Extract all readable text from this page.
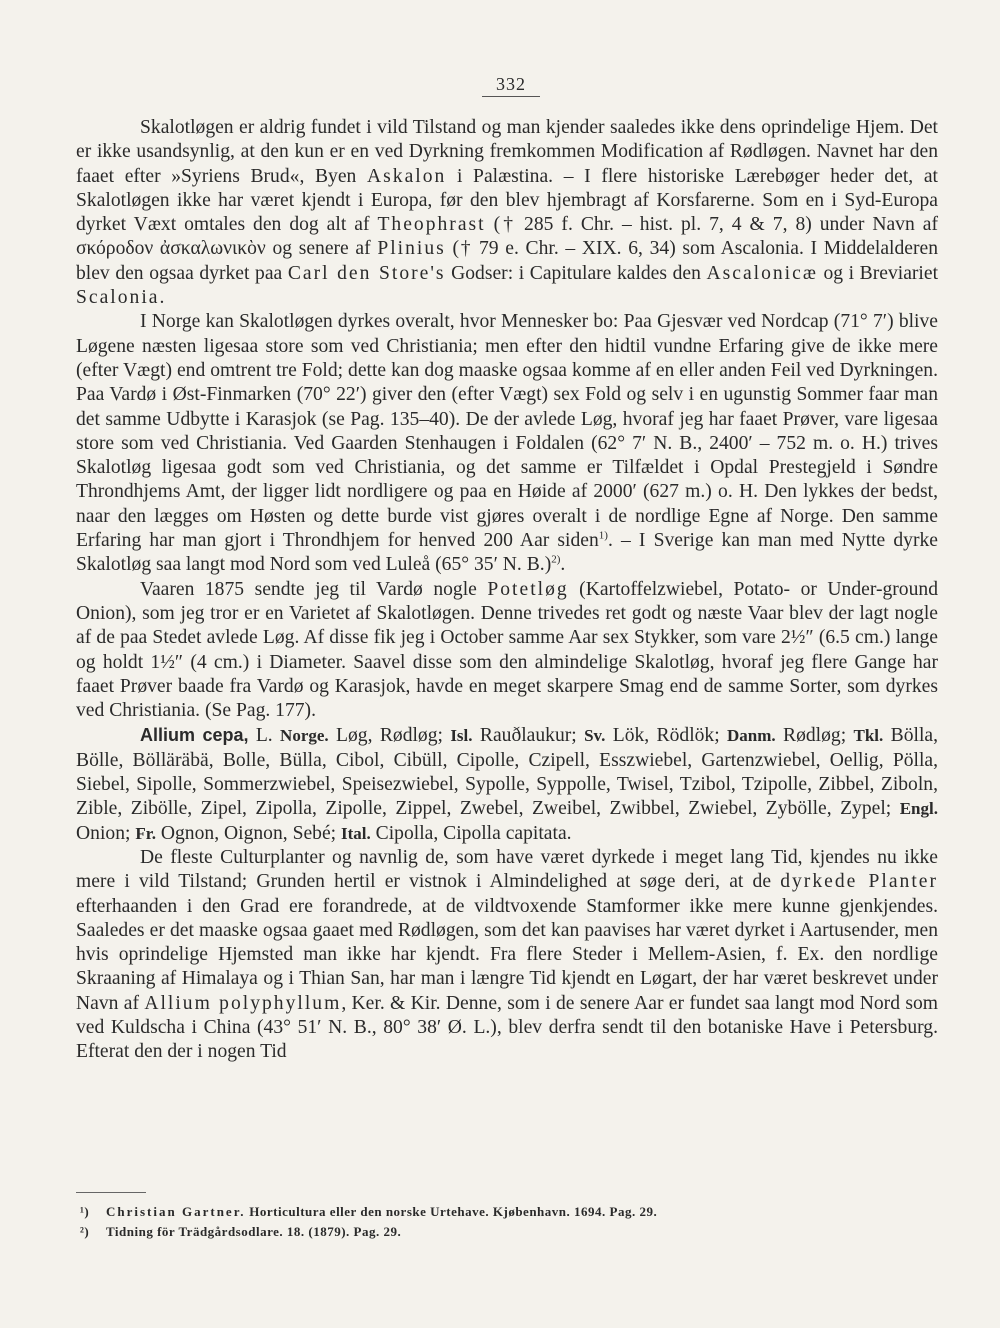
332

Skalotløgen er aldrig fundet i vild Tilstand og man kjender saaledes ikke dens oprindelige Hjem. Det er ikke usandsynlig, at den kun er en ved Dyrkning fremkommen Modification af Rødløgen. Navnet har den faaet efter »Syriens Brud«, Byen Askalon i Palæstina. – I flere historiske Lærebøger heder det, at Skalotløgen ikke har været kjendt i Europa, før den blev hjembragt af Korsfarerne. Som en i Syd-Europa dyrket Væxt omtales den dog alt af Theophrast († 285 f. Chr. – hist. pl. 7, 4 & 7, 8) under Navn af σκόροδον ἀσκαλωνικὸν og senere af Plinius († 79 e. Chr. – XIX. 6, 34) som Ascalonia. I Middelalderen blev den ogsaa dyrket paa Carl den Store's Godser: i Capitulare kaldes den Ascalonicæ og i Breviariet Scalonia.

I Norge kan Skalotløgen dyrkes overalt, hvor Mennesker bo: Paa Gjesvær ved Nordcap (71° 7′) blive Løgene næsten ligesaa store som ved Christiania; men efter den hidtil vundne Erfaring give de ikke mere (efter Vægt) end omtrent tre Fold; dette kan dog maaske ogsaa komme af en eller anden Feil ved Dyrkningen. Paa Vardø i Øst-Finmarken (70° 22′) giver den (efter Vægt) sex Fold og selv i en ugunstig Sommer faar man det samme Udbytte i Karasjok (se Pag. 135–40). De der avlede Løg, hvoraf jeg har faaet Prøver, vare ligesaa store som ved Christiania. Ved Gaarden Stenhaugen i Foldalen (62° 7′ N. B., 2400′ – 752 m. o. H.) trives Skalotløg ligesaa godt som ved Christiania, og det samme er Tilfældet i Opdal Prestegjeld i Søndre Throndhjems Amt, der ligger lidt nordligere og paa en Høide af 2000′ (627 m.) o. H. Den lykkes der bedst, naar den lægges om Høsten og dette burde vist gjøres overalt i de nordlige Egne af Norge. Den samme Erfaring har man gjort i Throndhjem for henved 200 Aar siden$^{1)}$. – I Sverige kan man med Nytte dyrke Skalotløg saa langt mod Nord som ved Luleå (65° 35′ N. B.)$^{2)}$.

Vaaren 1875 sendte jeg til Vardø nogle Potetløg (Kartoffelzwiebel, Potato- or Under-ground Onion), som jeg tror er en Varietet af Skalotløgen. Denne trivedes ret godt og næste Vaar blev der lagt nogle af de paa Stedet avlede Løg. Af disse fik jeg i October samme Aar sex Stykker, som vare 2½″ (6.5 cm.) lange og holdt 1½″ (4 cm.) i Diameter. Saavel disse som den almindelige Skalotløg, hvoraf jeg flere Gange har faaet Prøver baade fra Vardø og Karasjok, havde en meget skarpere Smag end de samme Sorter, som dyrkes ved Christiania. (Se Pag. 177).

Allium cepa, L. Norge. Løg, Rødløg; Isl. Rauðlaukur; Sv. Lök, Rödlök; Danm. Rødløg; Tkl. Bölla, Bölle, Bölläräbä, Bolle, Bülla, Cibol, Cibüll, Cipolle, Czipell, Esszwiebel, Gartenzwiebel, Oellig, Pölla, Siebel, Sipolle, Sommerzwiebel, Speisezwiebel, Sypolle, Syppolle, Twisel, Tzibol, Tzipolle, Zibbel, Ziboln, Zible, Zibölle, Zipel, Zipolla, Zipolle, Zippel, Zwebel, Zweibel, Zwibbel, Zwiebel, Zybölle, Zypel; Engl. Onion; Fr. Ognon, Oignon, Sebé; Ital. Cipolla, Cipolla capitata.

De fleste Culturplanter og navnlig de, som have været dyrkede i meget lang Tid, kjendes nu ikke mere i vild Tilstand; Grunden hertil er vistnok i Almindelighed at søge deri, at de dyrkede Planter efterhaanden i den Grad ere forandrede, at de vildtvoxende Stamformer ikke mere kunne gjenkjendes. Saaledes er det maaske ogsaa gaaet med Rødløgen, som det kan paavises har været dyrket i Aartusender, men hvis oprindelige Hjemsted man ikke har kjendt. Fra flere Steder i Mellem-Asien, f. Ex. den nordlige Skraaning af Himalaya og i Thian San, har man i længre Tid kjendt en Løgart, der har været beskrevet under Navn af Allium polyphyllum, Ker. & Kir. Denne, som i de senere Aar er fundet saa langt mod Nord som ved Kuldscha i China (43° 51′ N. B., 80° 38′ Ø. L.), blev derfra sendt til den botaniske Have i Petersburg. Efterat den der i nogen Tid

¹) Christian Gartner. Horticultura eller den norske Urtehave. Kjøbenhavn. 1694. Pag. 29.
²) Tidning för Trädgårdsodlare. 18. (1879). Pag. 29.
